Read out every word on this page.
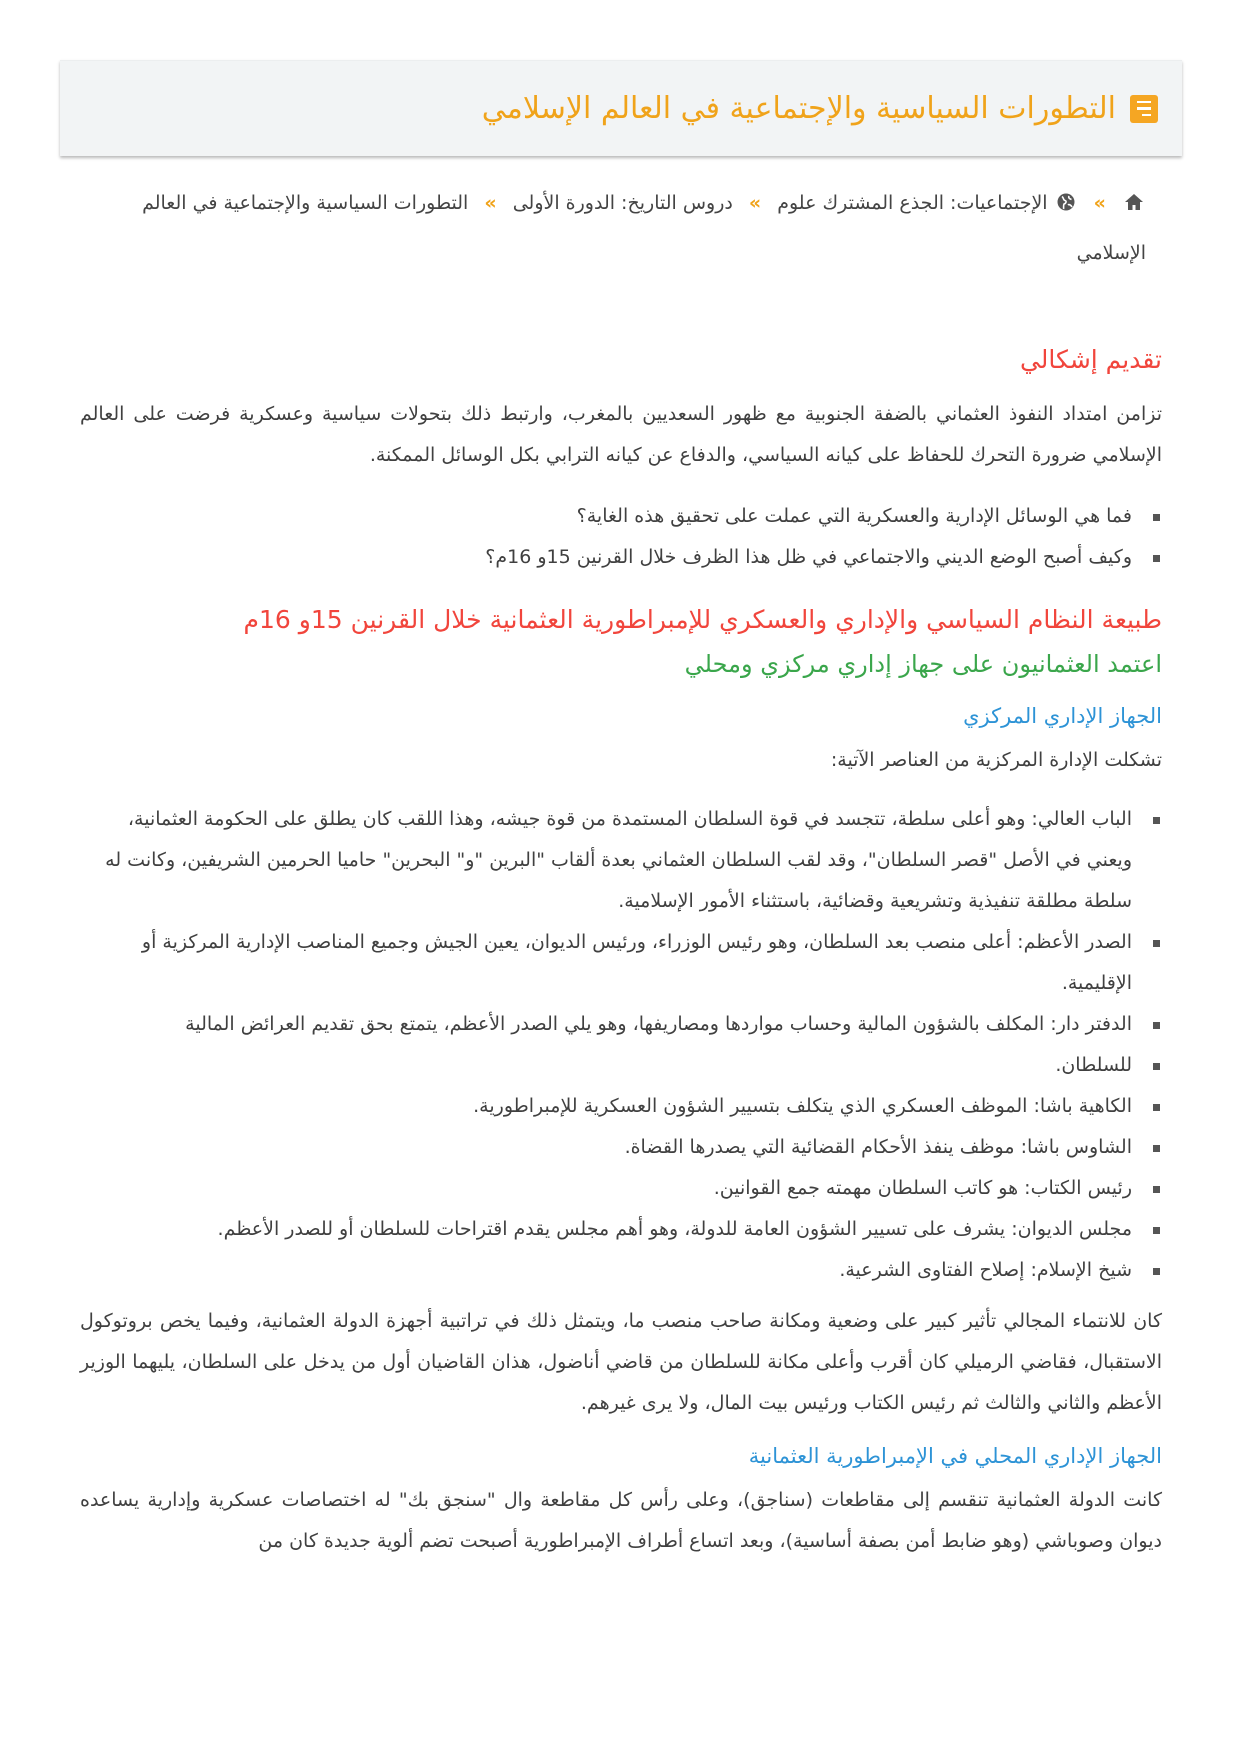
التطورات السياسية والإجتماعية في العالم الإسلامي
»  الإجتماعيات: الجذع المشترك علوم » دروس التاريخ: الدورة الأولى » التطورات السياسية والإجتماعية في العالم الإسلامي
تقديم إشكالي

تزامن امتداد النفوذ العثماني بالضفة الجنوبية مع ظهور السعديين بالمغرب، وارتبط ذلك بتحولات سياسية وعسكرية فرضت على العالم الإسلامي ضرورة التحرك للحفاظ على كيانه السياسي، والدفاع عن كيانه الترابي بكل الوسائل الممكنة.

فما هي الوسائل الإدارية والعسكرية التي عملت على تحقيق هذه الغاية؟
وكيف أصبح الوضع الديني والاجتماعي في ظل هذا الظرف خلال القرنين 15و 16م؟
طبيعة النظام السياسي والإداري والعسكري للإمبراطورية العثمانية خلال القرنين 15و 16م
اعتمد العثمانيون على جهاز إداري مركزي ومحلي
الجهاز الإداري المركزي

تشكلت الإدارة المركزية من العناصر الآتية:

الباب العالي: وهو أعلى سلطة، تتجسد في قوة السلطان المستمدة من قوة جيشه، وهذا اللقب كان يطلق على الحكومة العثمانية، ويعني في الأصل "قصر السلطان"، وقد لقب السلطان العثماني بعدة ألقاب "البرين "و" البحرين" حاميا الحرمين الشريفين، وكانت له سلطة مطلقة تنفيذية وتشريعية وقضائية، باستثناء الأمور الإسلامية.
الصدر الأعظم: أعلى منصب بعد السلطان، وهو رئيس الوزراء، ورئيس الديوان، يعين الجيش وجميع المناصب الإدارية المركزية أو الإقليمية.
الدفتر دار: المكلف بالشؤون المالية وحساب مواردها ومصاريفها، وهو يلي الصدر الأعظم، يتمتع بحق تقديم العرائض المالية
للسلطان.
الكاهية باشا: الموظف العسكري الذي يتكلف بتسيير الشؤون العسكرية للإمبراطورية.
الشاوس باشا: موظف ينفذ الأحكام القضائية التي يصدرها القضاة.
رئيس الكتاب: هو كاتب السلطان مهمته جمع القوانين.
مجلس الديوان: يشرف على تسيير الشؤون العامة للدولة، وهو أهم مجلس يقدم اقتراحات للسلطان أو للصدر الأعظم.
شيخ الإسلام: إصلاح الفتاوى الشرعية.

كان للانتماء المجالي تأثير كبير على وضعية ومكانة صاحب منصب ما، ويتمثل ذلك في تراتبية أجهزة الدولة العثمانية، وفيما يخص بروتوكول الاستقبال، فقاضي الرميلي كان أقرب وأعلى مكانة للسلطان من قاضي أناضول، هذان القاضيان أول من يدخل على السلطان، يليهما الوزير الأعظم والثاني والثالث ثم رئيس الكتاب ورئيس بيت المال، ولا يرى غيرهم.

الجهاز الإداري المحلي في الإمبراطورية العثمانية

كانت الدولة العثمانية تنقسم إلى مقاطعات (سناجق)، وعلى رأس كل مقاطعة وال "سنجق بك" له اختصاصات عسكرية وإدارية يساعده ديوان وصوباشي (وهو ضابط أمن بصفة أساسية)، وبعد اتساع أطراف الإمبراطورية أصبحت تضم ألوية جديدة كان من
